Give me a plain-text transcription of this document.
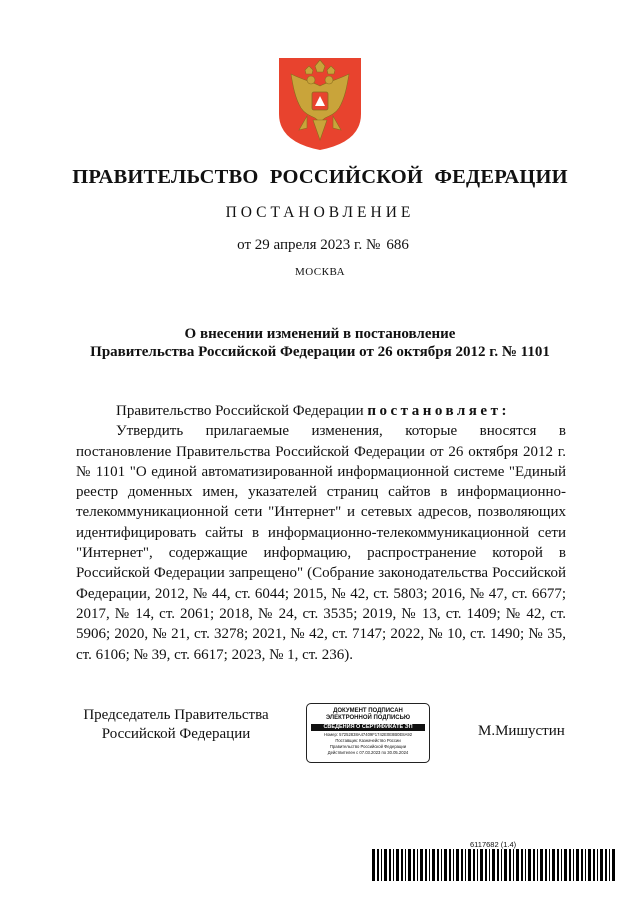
ПРАВИТЕЛЬСТВО РОССИЙСКОЙ ФЕДЕРАЦИИ
ПОСТАНОВЛЕНИЕ
от 29 апреля 2023 г. № 686
МОСКВА
О внесении изменений в постановление
Правительства Российской Федерации от 26 октября 2012 г. № 1101
Правительство Российской Федерации постановляет:
Утвердить прилагаемые изменения, которые вносятся в постановление Правительства Российской Федерации от 26 октября 2012 г. № 1101 "О единой автоматизированной информационной системе "Единый реестр доменных имен, указателей страниц сайтов в информационно-телекоммуникационной сети "Интернет" и сетевых адресов, позволяющих идентифицировать сайты в информационно-телекоммуникационной сети "Интернет", содержащие информацию, распространение которой в Российской Федерации запрещено" (Собрание законодательства Российской Федерации, 2012, № 44, ст. 6044; 2015, № 42, ст. 5803; 2016, № 47, ст. 6677; 2017, № 14, ст. 2061; 2018, № 24, ст. 3535; 2019, № 13, ст. 1409; № 42, ст. 5906; 2020, № 21, ст. 3278; 2021, № 42, ст. 7147; 2022, № 10, ст. 1490; № 35, ст. 6106; № 39, ст. 6617; 2023, № 1, ст. 236).
Председатель Правительства
Российской Федерации
ДОКУМЕНТ ПОДПИСАН
ЭЛЕКТРОННОЙ ПОДПИСЬЮ
СВЕДЕНИЯ О СЕРТИФИКАТЕ ЭП
Номер: 57252838A47409F1742E0E8B0E8A92
Поставщик: Казначейство России
Правительство Российской Федерации
Действителен с 07.03.2023 по 30.05.2024
М.Мишустин
6117682 (1.4)
